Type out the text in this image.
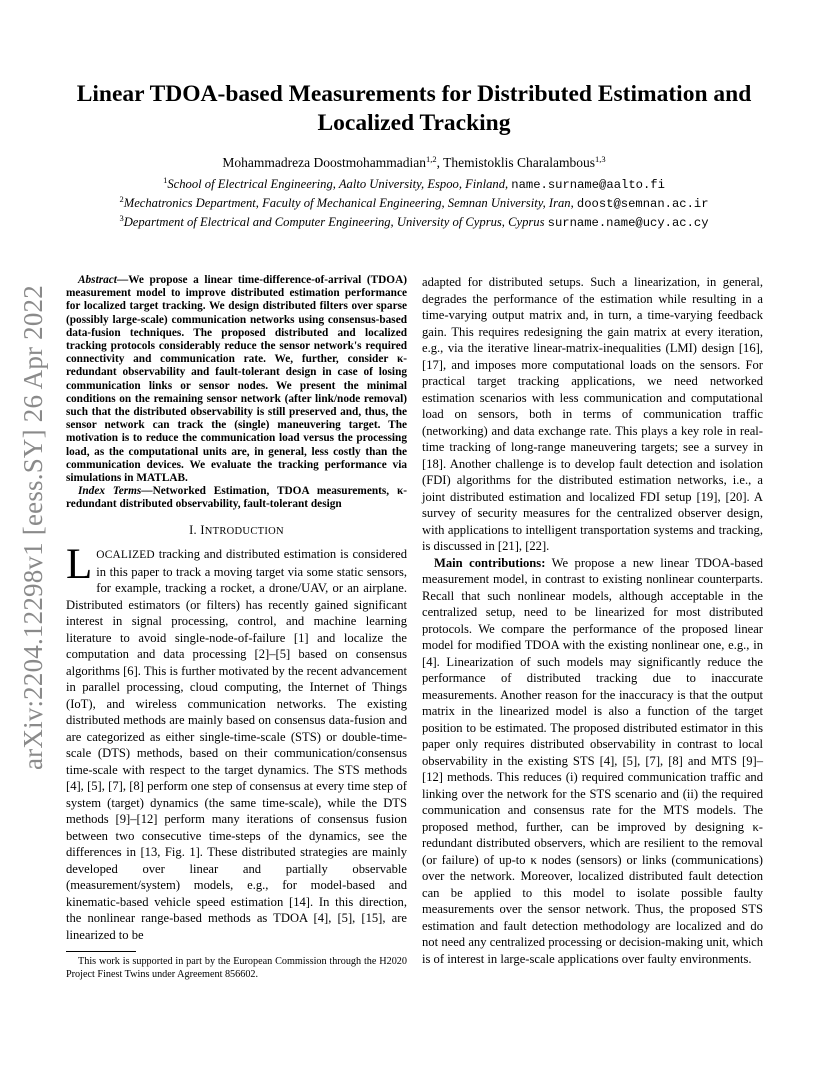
arXiv:2204.12298v1 [eess.SY] 26 Apr 2022
Linear TDOA-based Measurements for Distributed Estimation and Localized Tracking
Mohammadreza Doostmohammadian$^{1,2}$, Themistoklis Charalambous$^{1,3}$
$^1$School of Electrical Engineering, Aalto University, Espoo, Finland, name.surname@aalto.fi
$^2$Mechatronics Department, Faculty of Mechanical Engineering, Semnan University, Iran, doost@semnan.ac.ir
$^3$Department of Electrical and Computer Engineering, University of Cyprus, Cyprus surname.name@ucy.ac.cy
Abstract—We propose a linear time-difference-of-arrival (TDOA) measurement model to improve distributed estimation performance for localized target tracking. We design distributed filters over sparse (possibly large-scale) communication networks using consensus-based data-fusion techniques. The proposed distributed and localized tracking protocols considerably reduce the sensor network's required connectivity and communication rate. We, further, consider κ-redundant observability and fault-tolerant design in case of losing communication links or sensor nodes. We present the minimal conditions on the remaining sensor network (after link/node removal) such that the distributed observability is still preserved and, thus, the sensor network can track the (single) maneuvering target. The motivation is to reduce the communication load versus the processing load, as the computational units are, in general, less costly than the communication devices. We evaluate the tracking performance via simulations in MATLAB.
Index Terms—Networked Estimation, TDOA measurements, κ-redundant distributed observability, fault-tolerant design
I. INTRODUCTION
LOCALIZED tracking and distributed estimation is considered in this paper to track a moving target via some static sensors, for example, tracking a rocket, a drone/UAV, or an airplane. Distributed estimators (or filters) has recently gained significant interest in signal processing, control, and machine learning literature to avoid single-node-of-failure [1] and localize the computation and data processing [2]–[5] based on consensus algorithms [6]. This is further motivated by the recent advancement in parallel processing, cloud computing, the Internet of Things (IoT), and wireless communication networks. The existing distributed methods are mainly based on consensus data-fusion and are categorized as either single-time-scale (STS) or double-time-scale (DTS) methods, based on their communication/consensus time-scale with respect to the target dynamics. The STS methods [4], [5], [7], [8] perform one step of consensus at every time step of system (target) dynamics (the same time-scale), while the DTS methods [9]–[12] perform many iterations of consensus fusion between two consecutive time-steps of the dynamics, see the differences in [13, Fig. 1]. These distributed strategies are mainly developed over linear and partially observable (measurement/system) models, e.g., for model-based and kinematic-based vehicle speed estimation [14]. In this direction, the nonlinear range-based methods as TDOA [4], [5], [15], are linearized to be
This work is supported in part by the European Commission through the H2020 Project Finest Twins under Agreement 856602.

adapted for distributed setups. Such a linearization, in general, degrades the performance of the estimation while resulting in a time-varying output matrix and, in turn, a time-varying feedback gain. This requires redesigning the gain matrix at every iteration, e.g., via the iterative linear-matrix-inequalities (LMI) design [16], [17], and imposes more computational loads on the sensors. For practical target tracking applications, we need networked estimation scenarios with less communication and computational load on sensors, both in terms of communication traffic (networking) and data exchange rate. This plays a key role in real-time tracking of long-range maneuvering targets; see a survey in [18]. Another challenge is to develop fault detection and isolation (FDI) algorithms for the distributed estimation networks, i.e., a joint distributed estimation and localized FDI setup [19], [20]. A survey of security measures for the centralized observer design, with applications to intelligent transportation systems and tracking, is discussed in [21], [22].

Main contributions: We propose a new linear TDOA-based measurement model, in contrast to existing nonlinear counterparts. Recall that such nonlinear models, although acceptable in the centralized setup, need to be linearized for most distributed protocols. We compare the performance of the proposed linear model for modified TDOA with the existing nonlinear one, e.g., in [4]. Linearization of such models may significantly reduce the performance of distributed tracking due to inaccurate measurements. Another reason for the inaccuracy is that the output matrix in the linearized model is also a function of the target position to be estimated. The proposed distributed estimator in this paper only requires distributed observability in contrast to local observability in the existing STS [4], [5], [7], [8] and MTS [9]–[12] methods. This reduces (i) required communication traffic and linking over the network for the STS scenario and (ii) the required communication and consensus rate for the MTS models. The proposed method, further, can be improved by designing κ-redundant distributed observers, which are resilient to the removal (or failure) of up-to κ nodes (sensors) or links (communications) over the network. Moreover, localized distributed fault detection can be applied to this model to isolate possible faulty measurements over the sensor network. Thus, the proposed STS estimation and fault detection methodology are localized and do not need any centralized processing or decision-making unit, which is of interest in large-scale applications over faulty environments.
